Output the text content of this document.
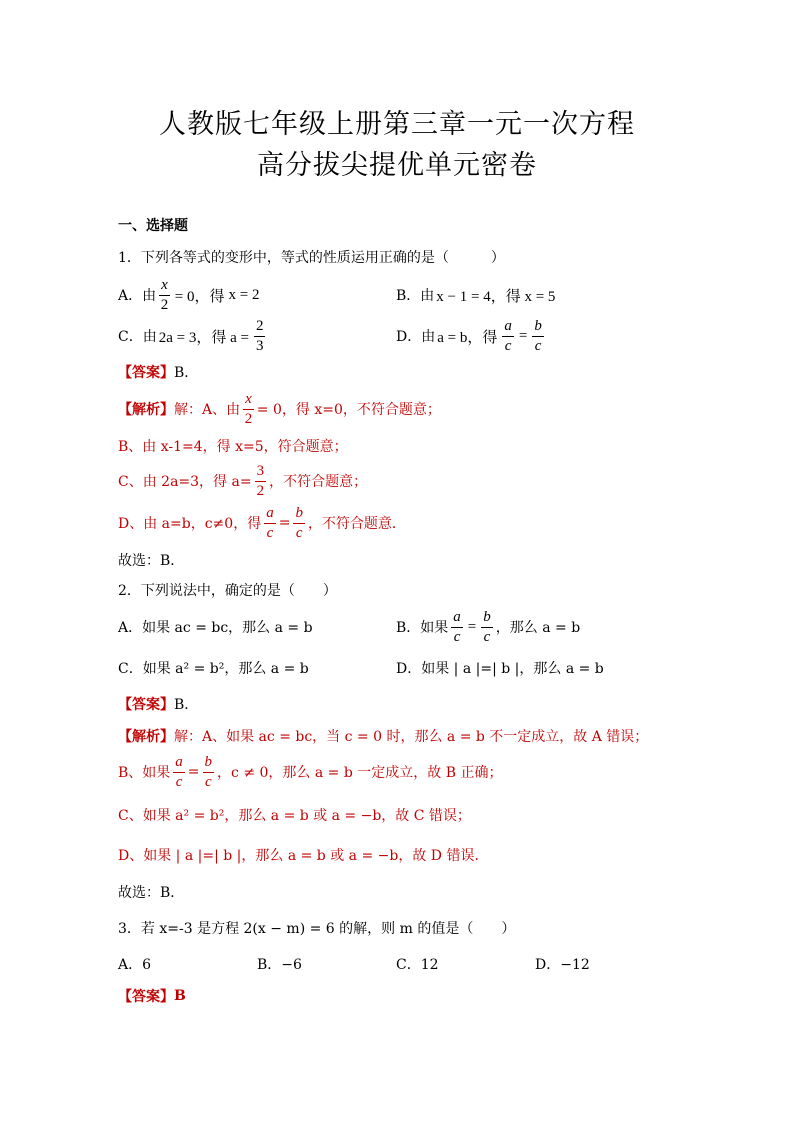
人教版七年级上册第三章一元一次方程
高分拔尖提优单元密卷
一、选择题
1．下列各等式的变形中，等式的性质运用正确的是（　　　）
A．由 $\frac{x}{2} = 0$，得 x = 2	B．由 x − 1 = 4，得 x = 5
C．由 2a = 3，得 $a = \frac{2}{3}$	D．由 a = b，得 $\frac{a}{c} = \frac{b}{c}$
【答案】 B．
【解析】 解：A、由 $\frac{x}{2} = 0$，得 x=0，不符合题意；
B、由 x-1=4，得 x=5，符合题意；
C、由 2a=3，得 $a= \frac{3}{2}$ ，不符合题意；
D、由 a=b，c≠0，得 $\frac{a}{c} = \frac{b}{c}$ ，不符合题意．
故选：B．
2．下列说法中，确定的是（　　）
A．如果 ac = bc，那么 a = b	B．如果 $\frac{a}{c} = \frac{b}{c}$ ，那么 a = b
C．如果 a² = b²，那么 a = b	D．如果 | a |=| b |，那么 a = b
【答案】 B．
【解析】 解：A、如果 ac = bc，当 c = 0 时，那么 a = b 不一定成立，故 A 错误；
B、如果 $\frac{a}{c} = \frac{b}{c}$ ，c ≠ 0，那么 a = b 一定成立，故 B 正确；
C、如果 a² = b²，那么 a = b 或 a = −b，故 C 错误；
D、如果 | a |=| b |，那么 a = b 或 a = −b，故 D 错误．
故选：B．
3．若 x=-3 是方程 2(x − m) = 6 的解，则 m 的值是（　　）
A．6	B．−6	C．12	D．−12
【答案】 B
